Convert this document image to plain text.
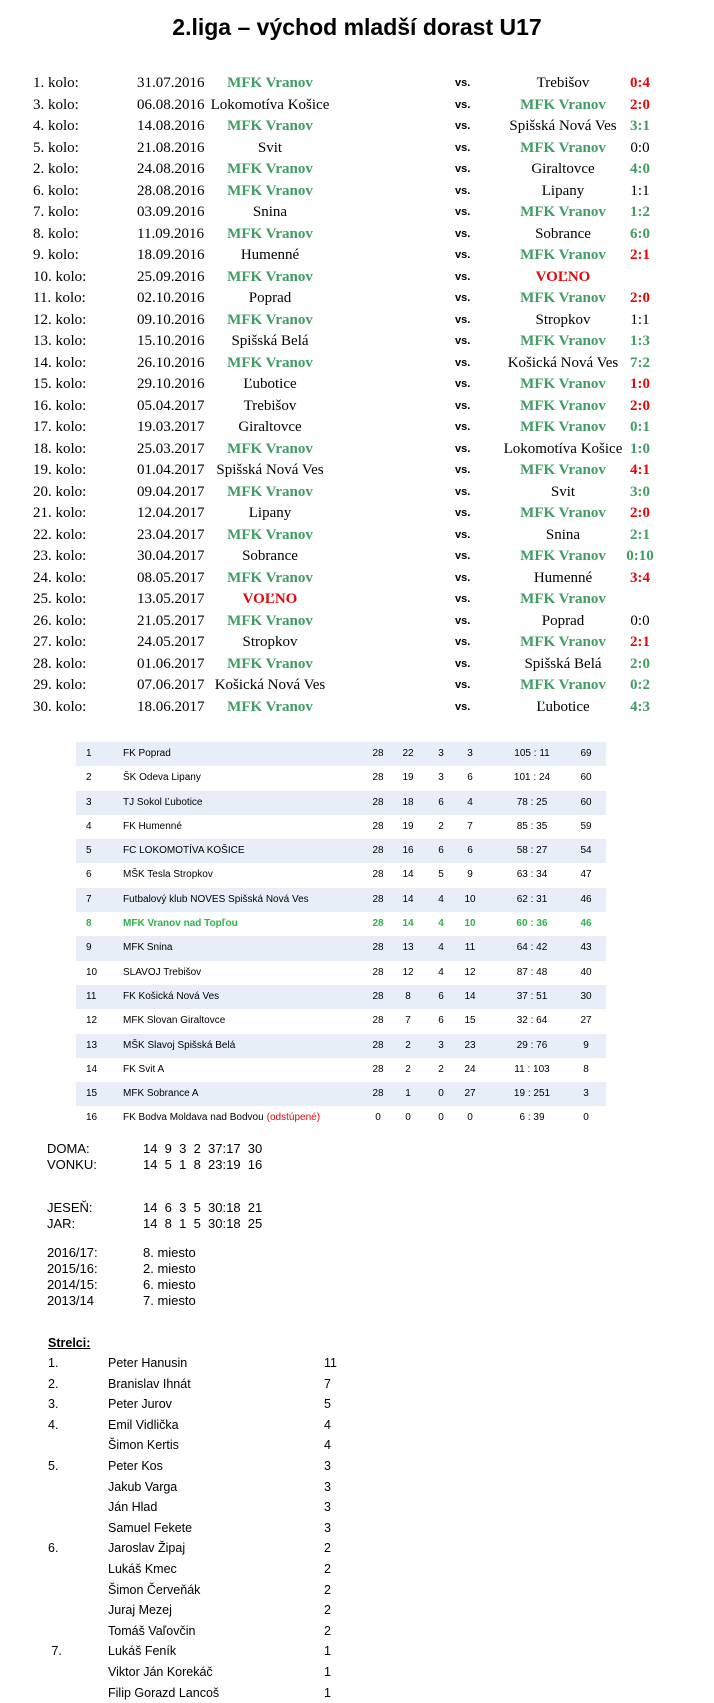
2.liga – východ mladší dorast U17
1. kolo:	31.07.2016	MFK Vranov	vs.	Trebišov	0:4
3. kolo:	06.08.2016 Lokomotíva Košice	vs.	MFK Vranov	2:0
4. kolo:	14.08.2016	MFK Vranov	vs.	Spišská Nová Ves 3:1
5. kolo:	21.08.2016	Svit	vs.	MFK Vranov	0:0
2. kolo:	24.08.2016	MFK Vranov	vs.	Giraltovce	4:0
6. kolo:	28.08.2016	MFK Vranov	vs.	Lipany	1:1
7. kolo:	03.09.2016	Snina	vs.	MFK Vranov	1:2
8. kolo:	11.09.2016	MFK Vranov	vs.	Sobrance	6:0
9. kolo:	18.09.2016	Humenné	vs.	MFK Vranov	2:1
10. kolo:	25.09.2016	MFK Vranov	vs.	VOĽNO
11. kolo:	02.10.2016	Poprad	vs.	MFK Vranov	2:0
12. kolo:	09.10.2016	MFK Vranov	vs.	Stropkov	1:1
13. kolo:	15.10.2016	Spišská Belá	vs.	MFK Vranov	1:3
14. kolo:	26.10.2016	MFK Vranov	vs.	Košická Nová Ves 7:2
15. kolo:	29.10.2016	Ľubotice	vs.	MFK Vranov	1:0
16. kolo:	05.04.2017	Trebišov	vs.	MFK Vranov	2:0
17. kolo:	19.03.2017	Giraltovce	vs.	MFK Vranov	0:1
18. kolo:	25.03.2017	MFK Vranov	vs.	Lokomotíva Košice 1:0
19. kolo:	01.04.2017 Spišská Nová Ves	vs.	MFK Vranov	4:1
20. kolo:	09.04.2017	MFK Vranov	vs.	Svit	3:0
21. kolo:	12.04.2017	Lipany	vs.	MFK Vranov	2:0
22. kolo:	23.04.2017	MFK Vranov	vs.	Snina	2:1
23. kolo:	30.04.2017	Sobrance	vs.	MFK Vranov	0:10
24. kolo:	08.05.2017	MFK Vranov	vs.	Humenné	3:4
25. kolo:	13.05.2017	VOĽNO	vs.	MFK Vranov
26. kolo:	21.05.2017	MFK Vranov	vs.	Poprad	0:0
27. kolo:	24.05.2017	Stropkov	vs.	MFK Vranov	2:1
28. kolo:	01.06.2017	MFK Vranov	vs.	Spišská Belá	2:0
29. kolo:	07.06.2017 Košická Nová Ves	vs.	MFK Vranov	0:2
30. kolo:	18.06.2017	MFK Vranov	vs.	Ľubotice	4:3
1	FK Poprad	28	22	3	3	105 : 11	69
2	ŠK Odeva Lipany	28	19	3	6	101 : 24	60
3	TJ Sokol Ľubotice	28	18	6	4	78 : 25	60
4	FK Humenné	28	19	2	7	85 : 35	59
5	FC LOKOMOTÍVA KOŠICE	28	16	6	6	58 : 27	54
6	MŠK Tesla Stropkov	28	14	5	9	63 : 34	47
7	Futbalový klub NOVES Spišská Nová Ves	28	14	4	10	62 : 31	46
8	MFK Vranov nad Topľou	28	14	4	10	60 : 36	46
9	MFK Snina	28	13	4	11	64 : 42	43
10	SLAVOJ Trebišov	28	12	4	12	87 : 48	40
11	FK Košická Nová Ves	28	8	6	14	37 : 51	30
12	MFK Slovan Giraltovce	28	7	6	15	32 : 64	27
13	MŠK Slavoj Spišská Belá	28	2	3	23	29 : 76	9
14	FK Svit A	28	2	2	24	11 : 103	8
15	MFK Sobrance A	28	1	0	27	19 : 251	3
16	FK Bodva Moldava nad Bodvou (odstúpené)	0	0	0	0	6 : 39	0
DOMA:	14  9  3  2  37:17  30
VONKU:	14  5  1  8  23:19  16
JESEŇ:	14  6  3  5  30:18  21
JAR:	14  8  1  5  30:18  25
2016/17:	8. miesto
2015/16:	2. miesto
2014/15:	6. miesto
2013/14	7. miesto
Strelci:
1.	Peter Hanusin	11
2.	Branislav Ihnát	7
3.	Peter Jurov	5
4.	Emil Vidlička	4
Šimon Kertis	4
5.	Peter Kos	3
Jakub Varga	3
Ján Hlad	3
Samuel Fekete	3
6.	Jaroslav Žipaj	2
Lukáš Kmec	2
Šimon Červeňák	2
Juraj Mezej	2
Tomáš Vaľovčin	2
7.	Lukáš Feník	1
Viktor Ján Korekáč	1
Filip Gorazd Lancoš	1
